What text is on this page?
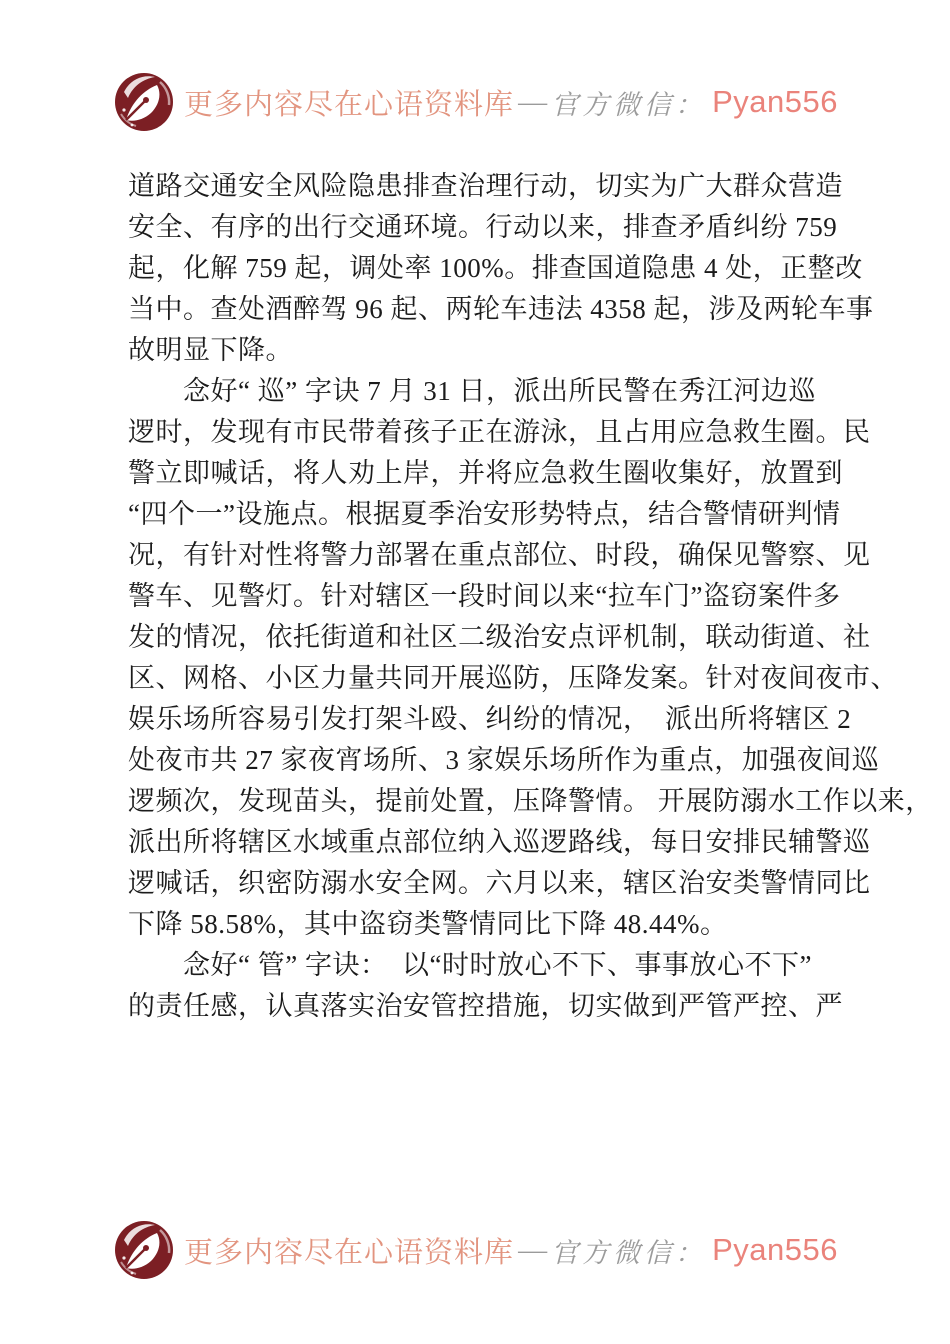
更多内容尽在心语资料库 — 官方微信： Pyan556
道路交通安全风险隐患排查治理行动，切实为广大群众营造
安全、有序的出行交通环境。行动以来，排查矛盾纠纷 759
起，化解 759 起，调处率 100%。排查国道隐患 4 处，正整改
当中。查处酒醉驾 96 起、两轮车违法 4358 起，涉及两轮车事
故明显下降。
　　念好“ 巡” 字诀 7 月 31 日，派出所民警在秀江河边巡
逻时，发现有市民带着孩子正在游泳，且占用应急救生圈。民
警立即喊话，将人劝上岸，并将应急救生圈收集好，放置到
“四个一”设施点。根据夏季治安形势特点，结合警情研判情
况，有针对性将警力部署在重点部位、时段，确保见警察、见
警车、见警灯。针对辖区一段时间以来“拉车门”盗窃案件多
发的情况，依托街道和社区二级治安点评机制，联动街道、社
区、网格、小区力量共同开展巡防，压降发案。针对夜间夜市、
娱乐场所容易引发打架斗殴、纠纷的情况，  派出所将辖区 2
处夜市共 27 家夜宵场所、3 家娱乐场所作为重点，加强夜间巡
逻频次，发现苗头，提前处置，压降警情。 开展防溺水工作以来，
派出所将辖区水域重点部位纳入巡逻路线，每日安排民辅警巡
逻喊话，织密防溺水安全网。六月以来，辖区治安类警情同比
下降 58.58%，其中盗窃类警情同比下降 48.44%。
　　念好“ 管” 字诀：  以“时时放心不下、事事放心不下”
的责任感，认真落实治安管控措施，切实做到严管严控、严
更多内容尽在心语资料库 — 官方微信： Pyan556
